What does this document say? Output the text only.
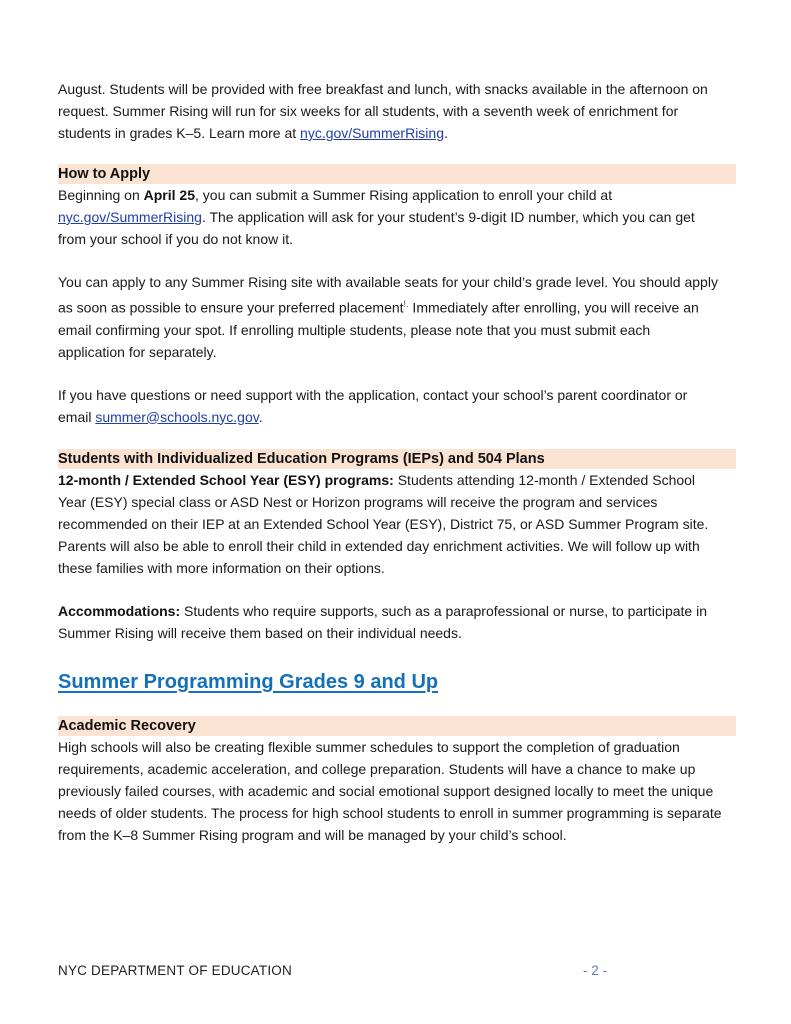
August. Students will be provided with free breakfast and lunch, with snacks available in the afternoon on

request. Summer Rising will run for six weeks for all students, with a seventh week of enrichment for

students in grades K–5. Learn more at nyc.gov/SummerRising.

How to Apply

Beginning on April 25, you can submit a Summer Rising application to enroll your child at

nyc.gov/SummerRising. The application will ask for your student’s 9-digit ID number, which you can get

from your school if you do not know it.

You can apply to any Summer Rising site with available seats for your child’s grade level. You should apply

as soon as possible to ensure your preferred placement!. Immediately after enrolling, you will receive an

email confirming your spot. If enrolling multiple students, please note that you must submit each

application for separately.

If you have questions or need support with the application, contact your school’s parent coordinator or

email summer@schools.nyc.gov.

Students with Individualized Education Programs (IEPs) and 504 Plans

12-month / Extended School Year (ESY) programs: Students attending 12-month / Extended School

Year (ESY) special class or ASD Nest or Horizon programs will receive the program and services

recommended on their IEP at an Extended School Year (ESY), District 75, or ASD Summer Program site.

Parents will also be able to enroll their child in extended day enrichment activities. We will follow up with

these families with more information on their options.

Accommodations: Students who require supports, such as a paraprofessional or nurse, to participate in

Summer Rising will receive them based on their individual needs.

Summer Programming Grades 9 and Up
Academic Recovery

High schools will also be creating flexible summer schedules to support the completion of graduation

requirements, academic acceleration, and college preparation. Students will have a chance to make up

previously failed courses, with academic and social emotional support designed locally to meet the unique

needs of older students. The process for high school students to enroll in summer programming is separate

from the K–8 Summer Rising program and will be managed by your child’s school.

NYC DEPARTMENT OF EDUCATION	- 2 -
